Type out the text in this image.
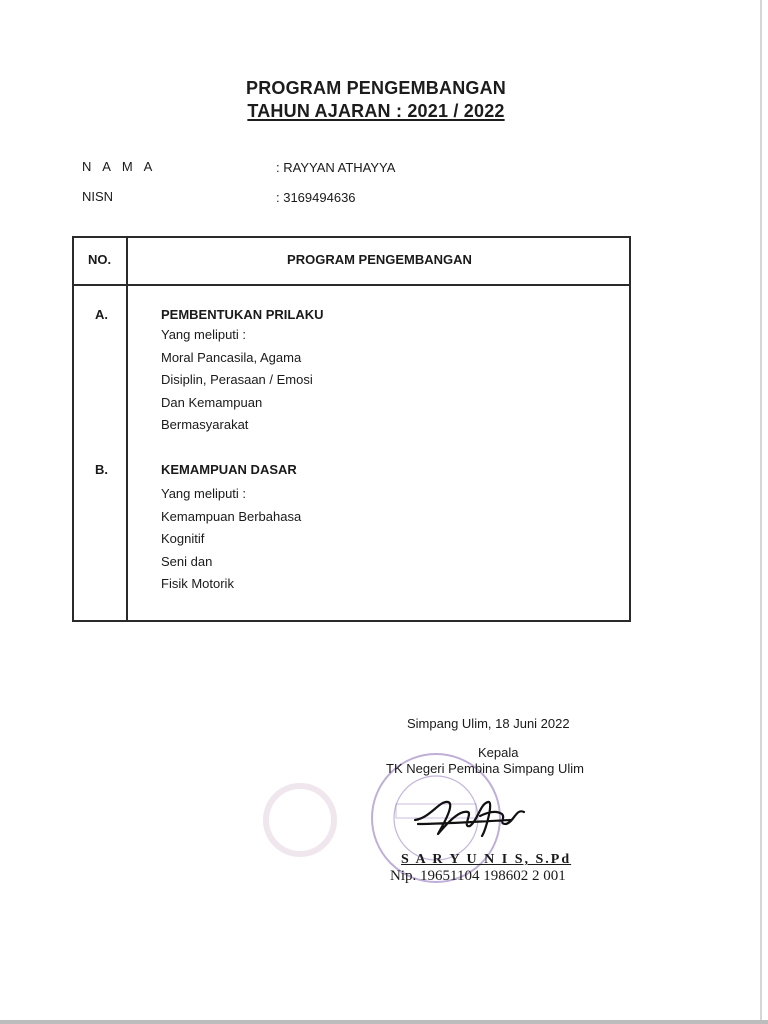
PROGRAM PENGEMBANGAN
TAHUN AJARAN : 2021 / 2022
N A M A	: RAYYAN ATHAYYA
NISN	: 3169494636
NO.	PROGRAM PENGEMBANGAN
A.	PEMBENTUKAN PRILAKU
Yang meliputi :
Moral Pancasila, Agama
Disiplin, Perasaan / Emosi
Dan Kemampuan
Bermasyarakat
B.	KEMAMPUAN DASAR
Yang meliputi :
Kemampuan Berbahasa
Kognitif
Seni dan
Fisik Motorik
Simpang Ulim, 18 Juni 2022
Kepala
TK Negeri Pembina Simpang Ulim
S A R Y U N I S, S.Pd
Nip. 19651104 198602 2 001
